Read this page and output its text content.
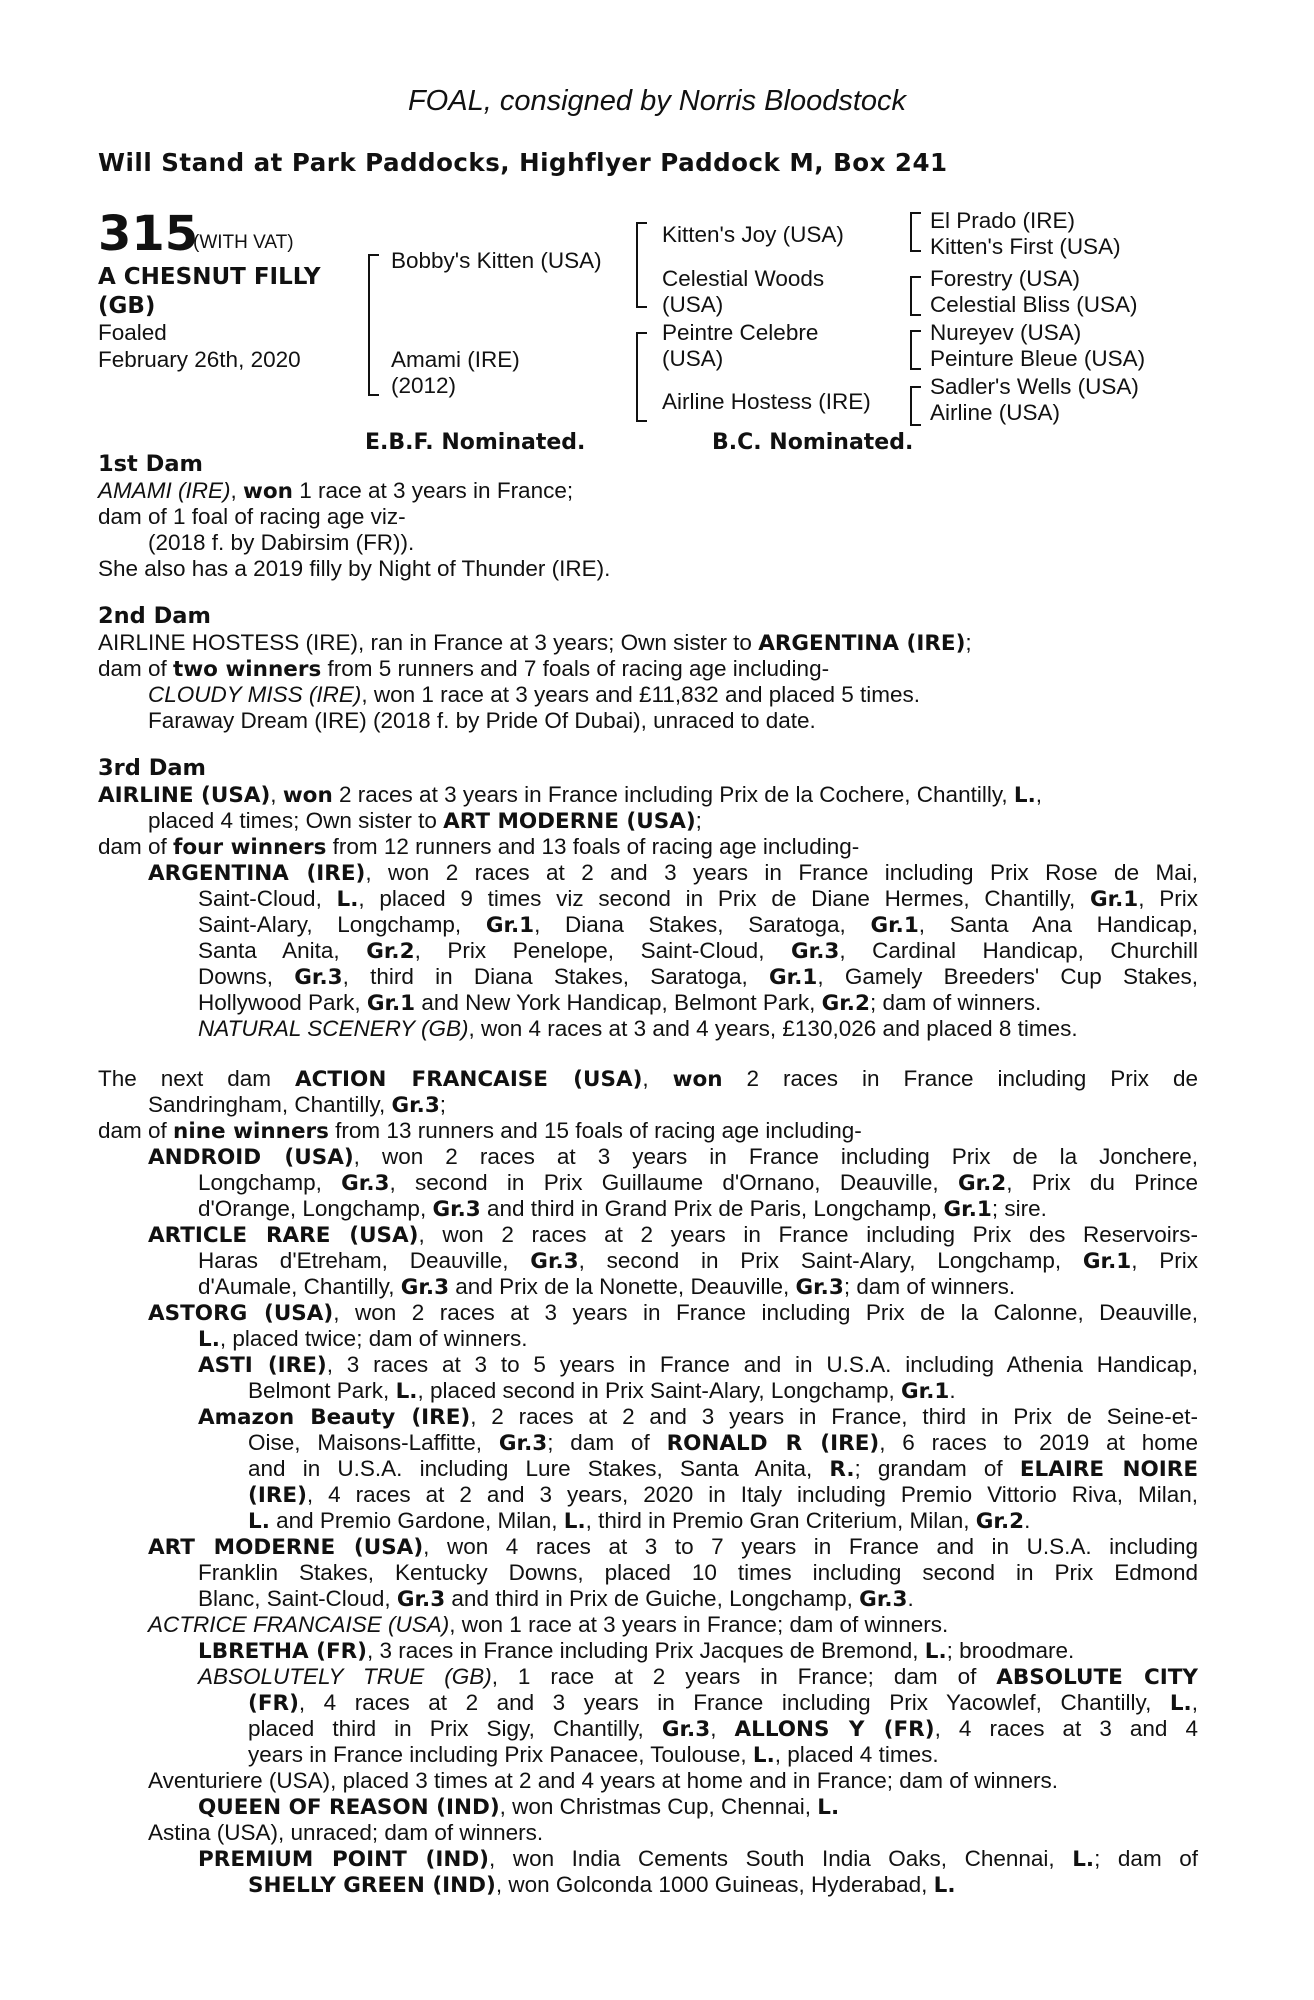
FOAL, consigned by Norris Bloodstock
Will Stand at Park Paddocks, Highflyer Paddock M, Box 241
315
(WITH VAT)
A CHESNUT FILLY
(GB)
Foaled
February 26th, 2020
Bobby's Kitten (USA)
Amami (IRE)
(2012)
Kitten's Joy (USA)
Celestial Woods
(USA)
Peintre Celebre
(USA)
Airline Hostess (IRE)
El Prado (IRE)
Kitten's First (USA)
Forestry (USA)
Celestial Bliss (USA)
Nureyev (USA)
Peinture Bleue (USA)
Sadler's Wells (USA)
Airline (USA)
E.B.F. Nominated.	B.C. Nominated.
1st Dam
AMAMI (IRE), won 1 race at 3 years in France;
dam of 1 foal of racing age viz-
(2018 f. by Dabirsim (FR)).
She also has a 2019 filly by Night of Thunder (IRE).
2nd Dam
AIRLINE HOSTESS (IRE), ran in France at 3 years; Own sister to ARGENTINA (IRE);
dam of two winners from 5 runners and 7 foals of racing age including-
CLOUDY MISS (IRE), won 1 race at 3 years and £11,832 and placed 5 times.
Faraway Dream (IRE) (2018 f. by Pride Of Dubai), unraced to date.
3rd Dam
AIRLINE (USA), won 2 races at 3 years in France including Prix de la Cochere, Chantilly, L.,
placed 4 times; Own sister to ART MODERNE (USA);
dam of four winners from 12 runners and 13 foals of racing age including-
ARGENTINA (IRE), won 2 races at 2 and 3 years in France including Prix Rose de Mai,
Saint-Cloud, L., placed 9 times viz second in Prix de Diane Hermes, Chantilly, Gr.1, Prix
Saint-Alary, Longchamp, Gr.1, Diana Stakes, Saratoga, Gr.1, Santa Ana Handicap,
Santa Anita, Gr.2, Prix Penelope, Saint-Cloud, Gr.3, Cardinal Handicap, Churchill
Downs, Gr.3, third in Diana Stakes, Saratoga, Gr.1, Gamely Breeders' Cup Stakes,
Hollywood Park, Gr.1 and New York Handicap, Belmont Park, Gr.2; dam of winners.
NATURAL SCENERY (GB), won 4 races at 3 and 4 years, £130,026 and placed 8 times.
The next dam ACTION FRANCAISE (USA), won 2 races in France including Prix de
Sandringham, Chantilly, Gr.3;
dam of nine winners from 13 runners and 15 foals of racing age including-
ANDROID (USA), won 2 races at 3 years in France including Prix de la Jonchere,
Longchamp, Gr.3, second in Prix Guillaume d'Ornano, Deauville, Gr.2, Prix du Prince
d'Orange, Longchamp, Gr.3 and third in Grand Prix de Paris, Longchamp, Gr.1; sire.
ARTICLE RARE (USA), won 2 races at 2 years in France including Prix des Reservoirs-
Haras d'Etreham, Deauville, Gr.3, second in Prix Saint-Alary, Longchamp, Gr.1, Prix
d'Aumale, Chantilly, Gr.3 and Prix de la Nonette, Deauville, Gr.3; dam of winners.
ASTORG (USA), won 2 races at 3 years in France including Prix de la Calonne, Deauville,
L., placed twice; dam of winners.
ASTI (IRE), 3 races at 3 to 5 years in France and in U.S.A. including Athenia Handicap,
Belmont Park, L., placed second in Prix Saint-Alary, Longchamp, Gr.1.
Amazon Beauty (IRE), 2 races at 2 and 3 years in France, third in Prix de Seine-et-
Oise, Maisons-Laffitte, Gr.3; dam of RONALD R (IRE), 6 races to 2019 at home
and in U.S.A. including Lure Stakes, Santa Anita, R.; grandam of ELAIRE NOIRE
(IRE), 4 races at 2 and 3 years, 2020 in Italy including Premio Vittorio Riva, Milan,
L. and Premio Gardone, Milan, L., third in Premio Gran Criterium, Milan, Gr.2.
ART MODERNE (USA), won 4 races at 3 to 7 years in France and in U.S.A. including
Franklin Stakes, Kentucky Downs, placed 10 times including second in Prix Edmond
Blanc, Saint-Cloud, Gr.3 and third in Prix de Guiche, Longchamp, Gr.3.
ACTRICE FRANCAISE (USA), won 1 race at 3 years in France; dam of winners.
LBRETHA (FR), 3 races in France including Prix Jacques de Bremond, L.; broodmare.
ABSOLUTELY TRUE (GB), 1 race at 2 years in France; dam of ABSOLUTE CITY
(FR), 4 races at 2 and 3 years in France including Prix Yacowlef, Chantilly, L.,
placed third in Prix Sigy, Chantilly, Gr.3, ALLONS Y (FR), 4 races at 3 and 4
years in France including Prix Panacee, Toulouse, L., placed 4 times.
Aventuriere (USA), placed 3 times at 2 and 4 years at home and in France; dam of winners.
QUEEN OF REASON (IND), won Christmas Cup, Chennai, L.
Astina (USA), unraced; dam of winners.
PREMIUM POINT (IND), won India Cements South India Oaks, Chennai, L.; dam of
SHELLY GREEN (IND), won Golconda 1000 Guineas, Hyderabad, L.
